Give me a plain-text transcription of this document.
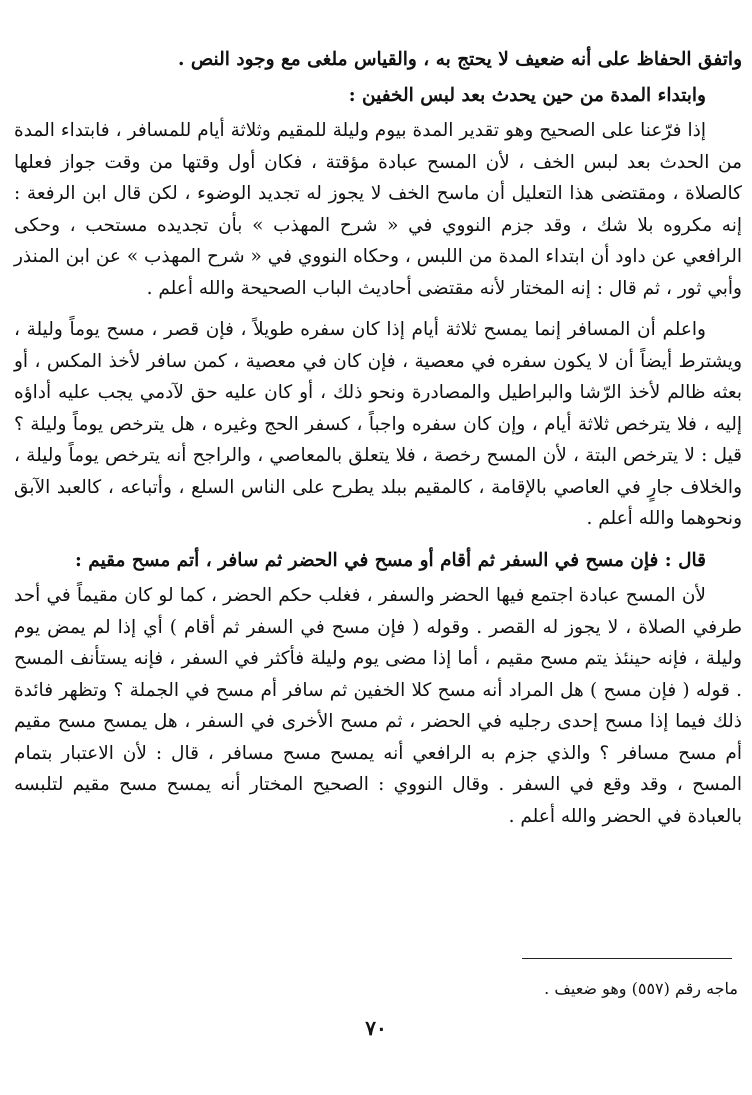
واتفق الحفاظ على أنه ضعيف لا يحتج به ، والقياس ملغى مع وجود النص .

وابتداء المدة من حين يحدث بعد لبس الخفين :

إذا فرّعنا على الصحيح وهو تقدير المدة بيوم وليلة للمقيم وثلاثة أيام للمسافر ، فابتداء المدة من الحدث بعد لبس الخف ، لأن المسح عبادة مؤقتة ، فكان أول وقتها من وقت جواز فعلها كالصلاة ، ومقتضى هذا التعليل أن ماسح الخف لا يجوز له تجديد الوضوء ، لكن قال ابن الرفعة : إنه مكروه بلا شك ، وقد جزم النووي في « شرح المهذب » بأن تجديده مستحب ، وحكى الرافعي عن داود أن ابتداء المدة من اللبس ، وحكاه النووي في « شرح المهذب » عن ابن المنذر وأبي ثور ، ثم قال : إنه المختار لأنه مقتضى أحاديث الباب الصحيحة والله أعلم .

واعلم أن المسافر إنما يمسح ثلاثة أيام إذا كان سفره طويلاً ، فإن قصر ، مسح يوماً وليلة ، ويشترط أيضاً أن لا يكون سفره في معصية ، فإن كان في معصية ، كمن سافر لأخذ المكس ، أو بعثه ظالم لأخذ الرّشا والبراطيل والمصادرة ونحو ذلك ، أو كان عليه حق لآدمي يجب عليه أداؤه إليه ، فلا يترخص ثلاثة أيام ، وإن كان سفره واجباً ، كسفر الحج وغيره ، هل يترخص يوماً وليلة ؟ قيل : لا يترخص البتة ، لأن المسح رخصة ، فلا يتعلق بالمعاصي ، والراجح أنه يترخص يوماً وليلة ، والخلاف جارٍ في العاصي بالإقامة ، كالمقيم ببلد يطرح على الناس السلع ، وأتباعه ، كالعبد الآبق ونحوهما والله أعلم .

قال : فإن مسح في السفر ثم أقام أو مسح في الحضر ثم سافر ، أتم مسح مقيم :

لأن المسح عبادة اجتمع فيها الحضر والسفر ، فغلب حكم الحضر ، كما لو كان مقيماً في أحد طرفي الصلاة ، لا يجوز له القصر . وقوله ( فإن مسح في السفر ثم أقام ) أي إذا لم يمض يوم وليلة ، فإنه حينئذ يتم مسح مقيم ، أما إذا مضى يوم وليلة فأكثر في السفر ، فإنه يستأنف المسح . قوله ( فإن مسح ) هل المراد أنه مسح كلا الخفين ثم سافر أم مسح في الجملة ؟ وتظهر فائدة ذلك فيما إذا مسح إحدى رجليه في الحضر ، ثم مسح الأخرى في السفر ، هل يمسح مسح مقيم أم مسح مسافر ؟ والذي جزم به الرافعي أنه يمسح مسح مسافر ، قال : لأن الاعتبار بتمام المسح ، وقد وقع في السفر . وقال النووي : الصحيح المختار أنه يمسح مسح مقيم لتلبسه بالعبادة في الحضر والله أعلم .

ماجه رقم (٥٥٧) وهو ضعيف .

٧٠
